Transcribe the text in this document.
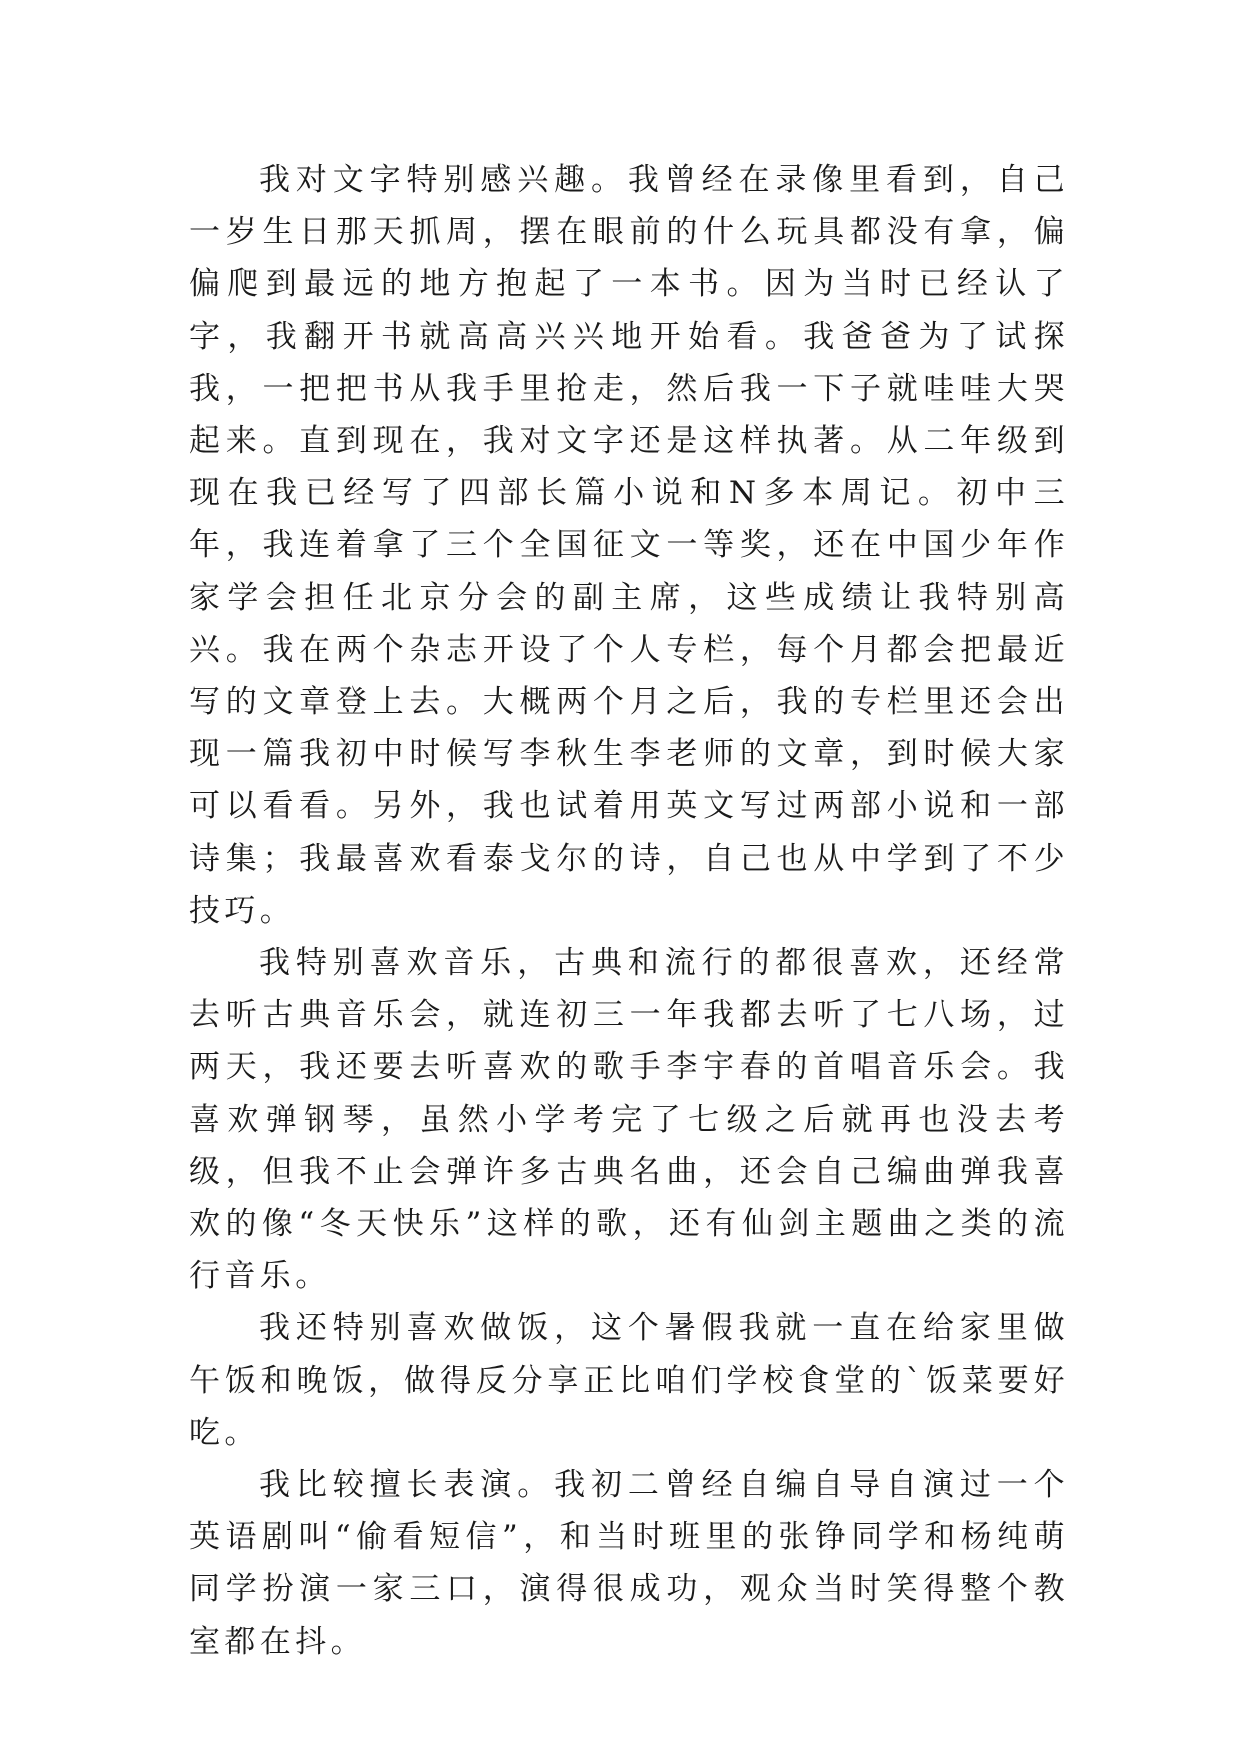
我对文字特别感兴趣。我曾经在录像里看到，自己一岁生日那天抓周，摆在眼前的什么玩具都没有拿，偏偏爬到最远的地方抱起了一本书。因为当时已经认了字，我翻开书就高高兴兴地开始看。我爸爸为了试探我，一把把书从我手里抢走，然后我一下子就哇哇大哭起来。直到现在，我对文字还是这样执著。从二年级到现在我已经写了四部长篇小说和N多本周记。初中三年，我连着拿了三个全国征文一等奖，还在中国少年作家学会担任北京分会的副主席，这些成绩让我特别高兴。我在两个杂志开设了个人专栏，每个月都会把最近写的文章登上去。大概两个月之后，我的专栏里还会出现一篇我初中时候写李秋生李老师的文章，到时候大家可以看看。另外，我也试着用英文写过两部小说和一部诗集；我最喜欢看泰戈尔的诗，自己也从中学到了不少技巧。

我特别喜欢音乐，古典和流行的都很喜欢，还经常去听古典音乐会，就连初三一年我都去听了七八场，过两天，我还要去听喜欢的歌手李宇春的首唱音乐会。我喜欢弹钢琴，虽然小学考完了七级之后就再也没去考级，但我不止会弹许多古典名曲，还会自己编曲弹我喜欢的像“冬天快乐”这样的歌，还有仙剑主题曲之类的流行音乐。

我还特别喜欢做饭，这个暑假我就一直在给家里做午饭和晚饭，做得反分享正比咱们学校食堂的`饭菜要好吃。

我比较擅长表演。我初二曾经自编自导自演过一个英语剧叫“偷看短信”，和当时班里的张铮同学和杨纯萌同学扮演一家三口，演得很成功，观众当时笑得整个教室都在抖。
